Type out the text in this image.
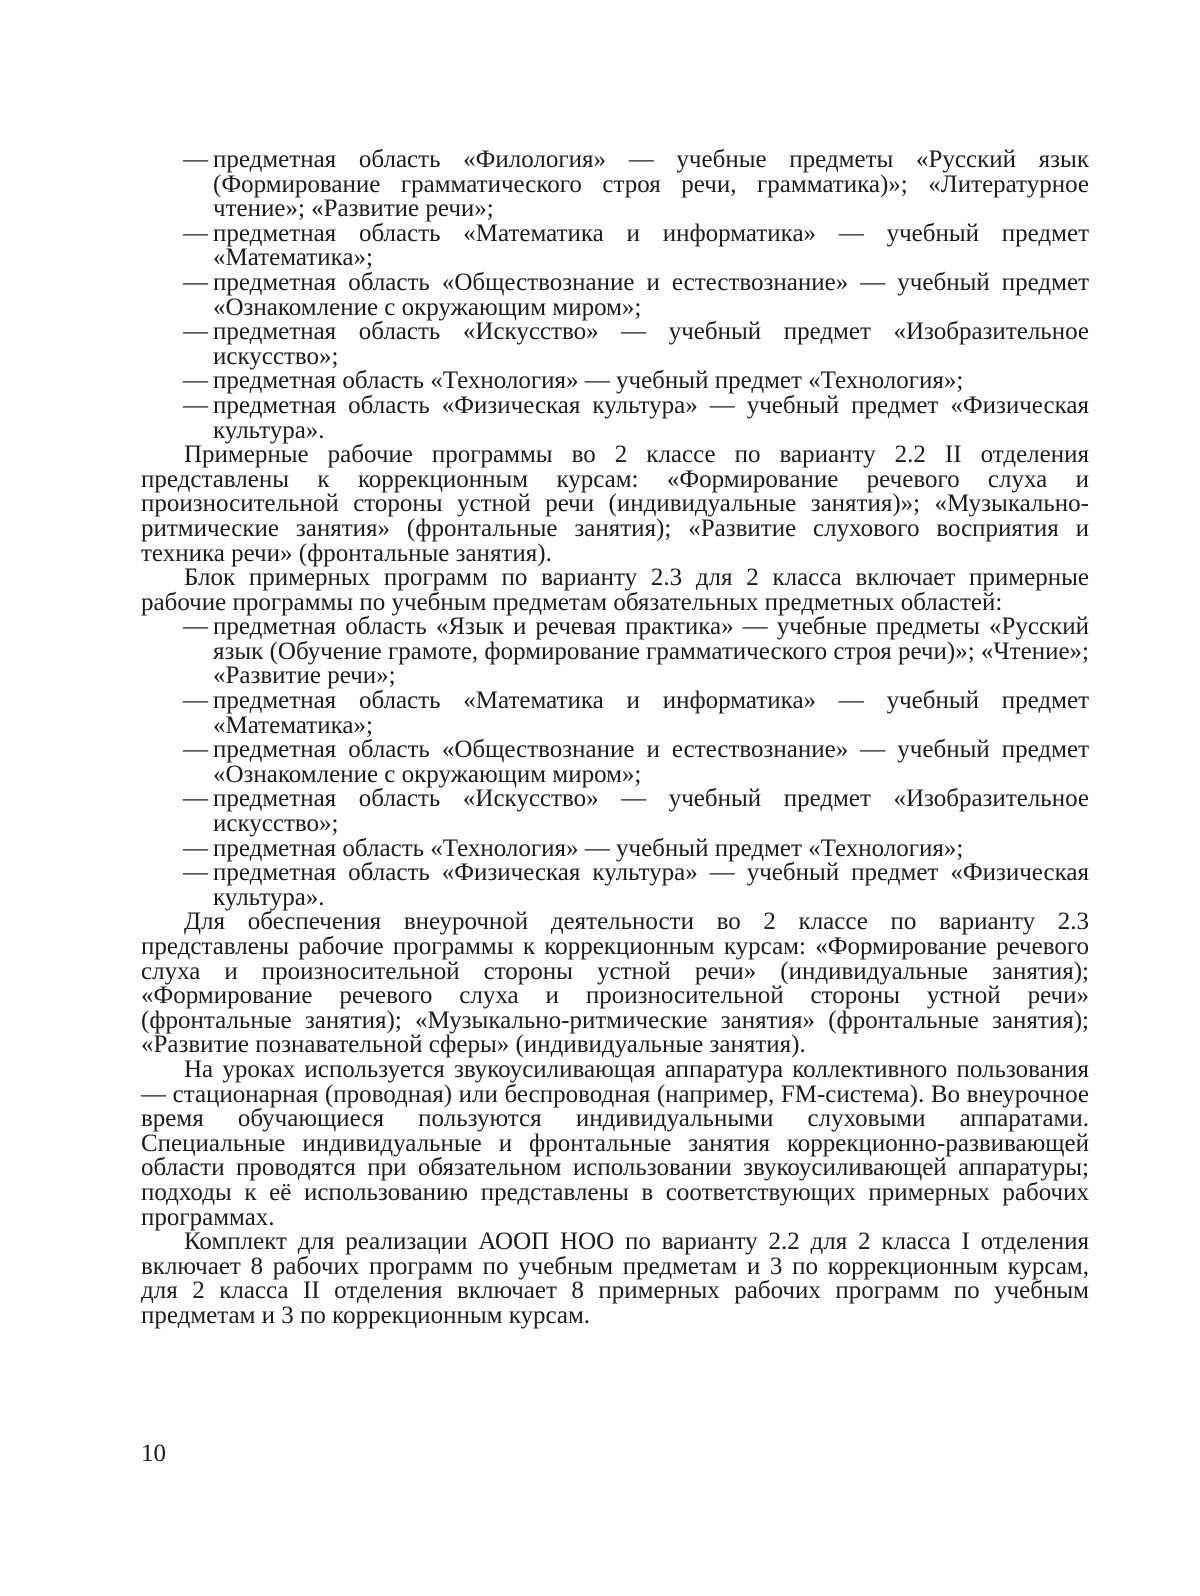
— предметная область «Филология» — учебные предметы «Русский язык (Формирование грамматического строя речи, грамматика)»; «Литературное чтение»; «Развитие речи»;

— предметная область «Математика и информатика» — учебный предмет «Математика»;

— предметная область «Обществознание и естествознание» — учебный предмет «Ознакомление с окружающим миром»;

— предметная область «Искусство» — учебный предмет «Изобразительное искусство»;

— предметная область «Технология» — учебный предмет «Технология»;

— предметная область «Физическая культура» — учебный предмет «Физическая культура».

Примерные рабочие программы во 2 классе по варианту 2.2 II отделения представлены к коррекционным курсам: «Формирование речевого слуха и произносительной стороны устной речи (индивидуальные занятия)»; «Музыкально-ритмические занятия» (фронтальные занятия); «Развитие слухового восприятия и техника речи» (фронтальные занятия).

Блок примерных программ по варианту 2.3 для 2 класса включает примерные рабочие программы по учебным предметам обязательных предметных областей:

— предметная область «Язык и речевая практика» — учебные предметы «Русский язык (Обучение грамоте, формирование грамматического строя речи)»; «Чтение»; «Развитие речи»;

— предметная область «Математика и информатика» — учебный предмет «Математика»;

— предметная область «Обществознание и естествознание» — учебный предмет «Ознакомление с окружающим миром»;

— предметная область «Искусство» — учебный предмет «Изобразительное искусство»;

— предметная область «Технология» — учебный предмет «Технология»;

— предметная область «Физическая культура» — учебный предмет «Физическая культура».

Для обеспечения внеурочной деятельности во 2 классе по варианту 2.3 представлены рабочие программы к коррекционным курсам: «Формирование речевого слуха и произносительной стороны устной речи» (индивидуальные занятия); «Формирование речевого слуха и произносительной стороны устной речи» (фронтальные занятия); «Музыкально-ритмические занятия» (фронтальные занятия); «Развитие познавательной сферы» (индивидуальные занятия).

На уроках используется звукоусиливающая аппаратура коллективного пользования — стационарная (проводная) или беспроводная (например, FM-система). Во внеурочное время обучающиеся пользуются индивидуальными слуховыми аппаратами. Специальные индивидуальные и фронтальные занятия коррекционно-развивающей области проводятся при обязательном использовании звукоусиливающей аппаратуры; подходы к её использованию представлены в соответствующих примерных рабочих программах.

Комплект для реализации АООП НОО по варианту 2.2 для 2 класса I отделения включает 8 рабочих программ по учебным предметам и 3 по коррекционным курсам, для 2 класса II отделения включает 8 примерных рабочих программ по учебным предметам и 3 по коррекционным курсам.

10
